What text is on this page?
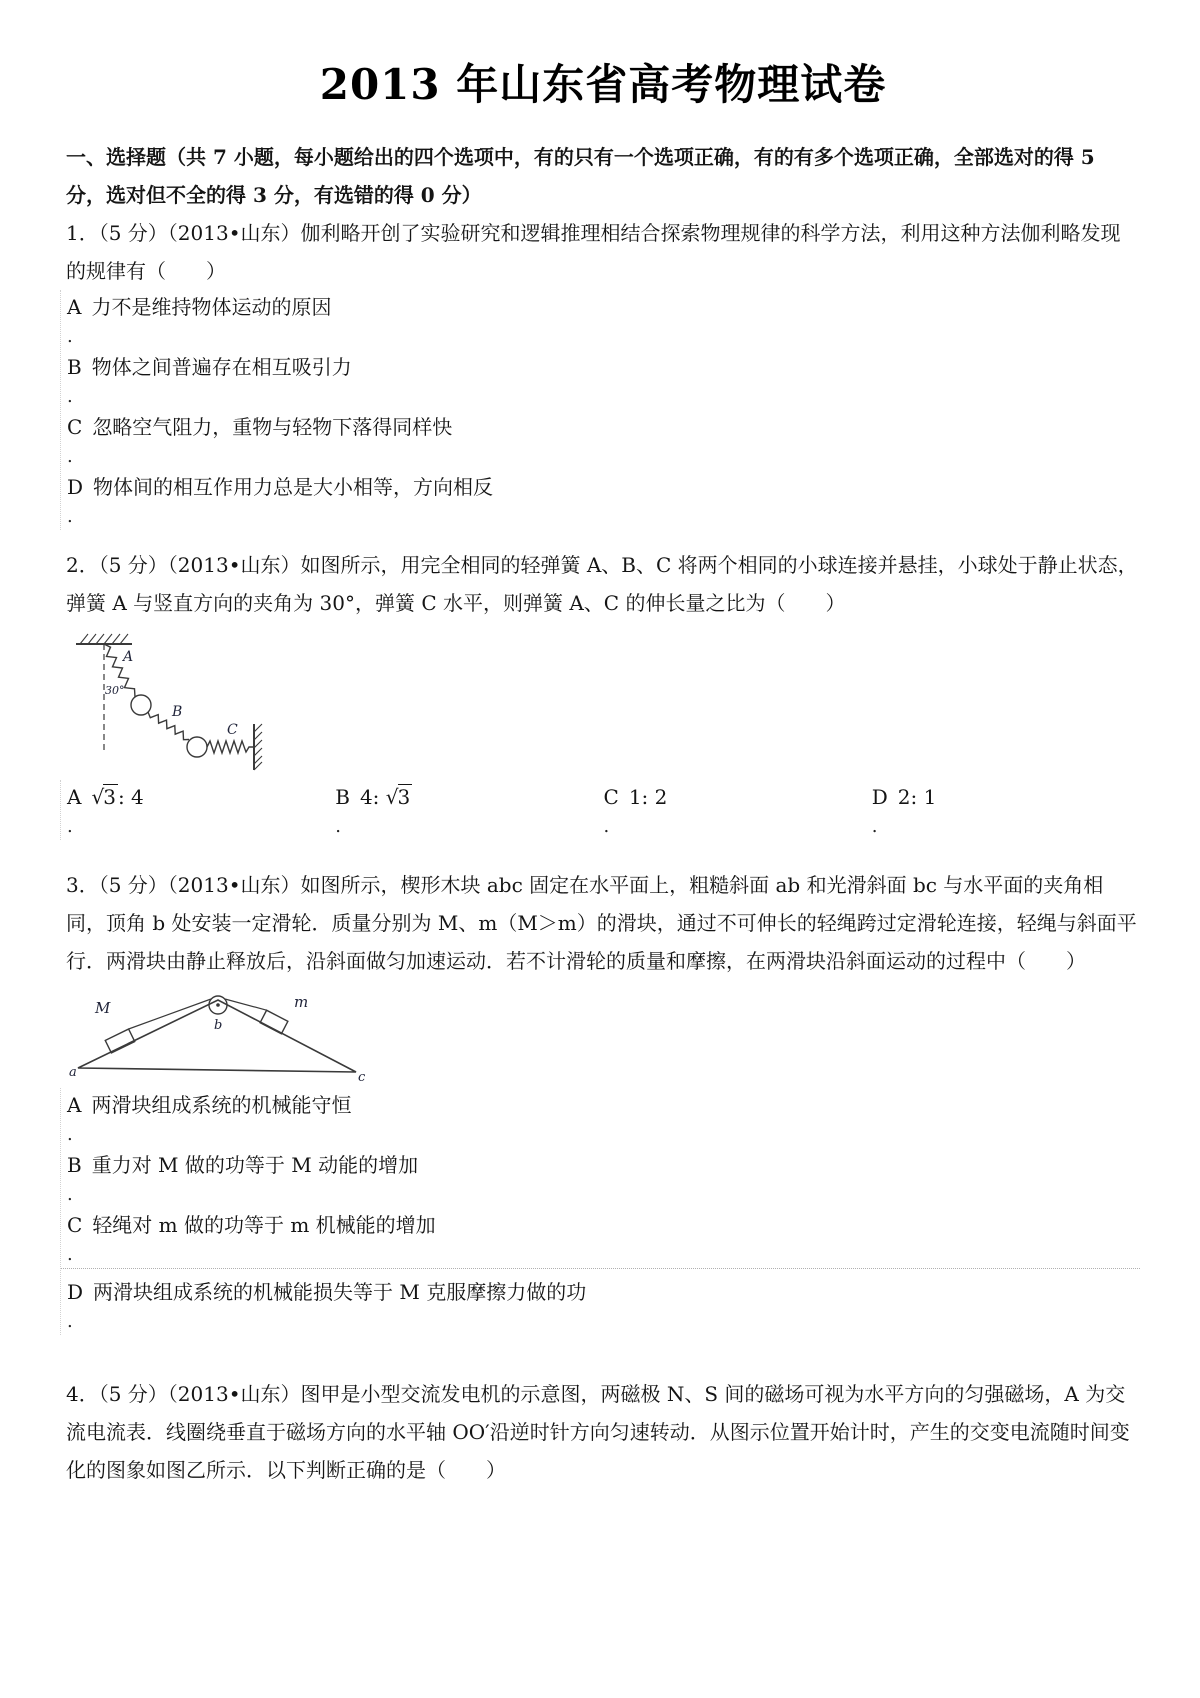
2013 年山东省高考物理试卷

一、选择题（共 7 小题，每小题给出的四个选项中，有的只有一个选项正确，有的有多个选项正确，全部选对的得 5 分，选对但不全的得 3 分，有选错的得 0 分）

1．（5 分）（2013•山东）伽利略开创了实验研究和逻辑推理相结合探索物理规律的科学方法，利用这种方法伽利略发现的规律有（　　）

A 力不是维持物体运动的原因
.
B 物体之间普遍存在相互吸引力
.
C 忽略空气阻力，重物与轻物下落得同样快
.
D 物体间的相互作用力总是大小相等，方向相反
.

2．（5 分）（2013•山东）如图所示，用完全相同的轻弹簧 A、B、C 将两个相同的小球连接并悬挂，小球处于静止状态，弹簧 A 与竖直方向的夹角为 30°，弹簧 C 水平，则弹簧 A、C 的伸长量之比为（　　）

A
30°
B
C
A √3 : 4	B 4: √3	C 1: 2	D 2: 1
.	.	.	.

3．（5 分）（2013•山东）如图所示，楔形木块 abc 固定在水平面上，粗糙斜面 ab 和光滑斜面 bc 与水平面的夹角相同，顶角 b 处安装一定滑轮．质量分别为 M、m（M＞m）的滑块，通过不可伸长的轻绳跨过定滑轮连接，轻绳与斜面平行．两滑块由静止释放后，沿斜面做匀加速运动．若不计滑轮的质量和摩擦，在两滑块沿斜面运动的过程中（　　）

M
b
m
a	c
A 两滑块组成系统的机械能守恒
.
B 重力对 M 做的功等于 M 动能的增加
.
C 轻绳对 m 做的功等于 m 机械能的增加
.
D 两滑块组成系统的机械能损失等于 M 克服摩擦力做的功
.

4．（5 分）（2013•山东）图甲是小型交流发电机的示意图，两磁极 N、S 间的磁场可视为水平方向的匀强磁场，A 为交流电流表．线圈绕垂直于磁场方向的水平轴 OO′沿逆时针方向匀速转动．从图示位置开始计时，产生的交变电流随时间变化的图象如图乙所示．以下判断正确的是（　　）
